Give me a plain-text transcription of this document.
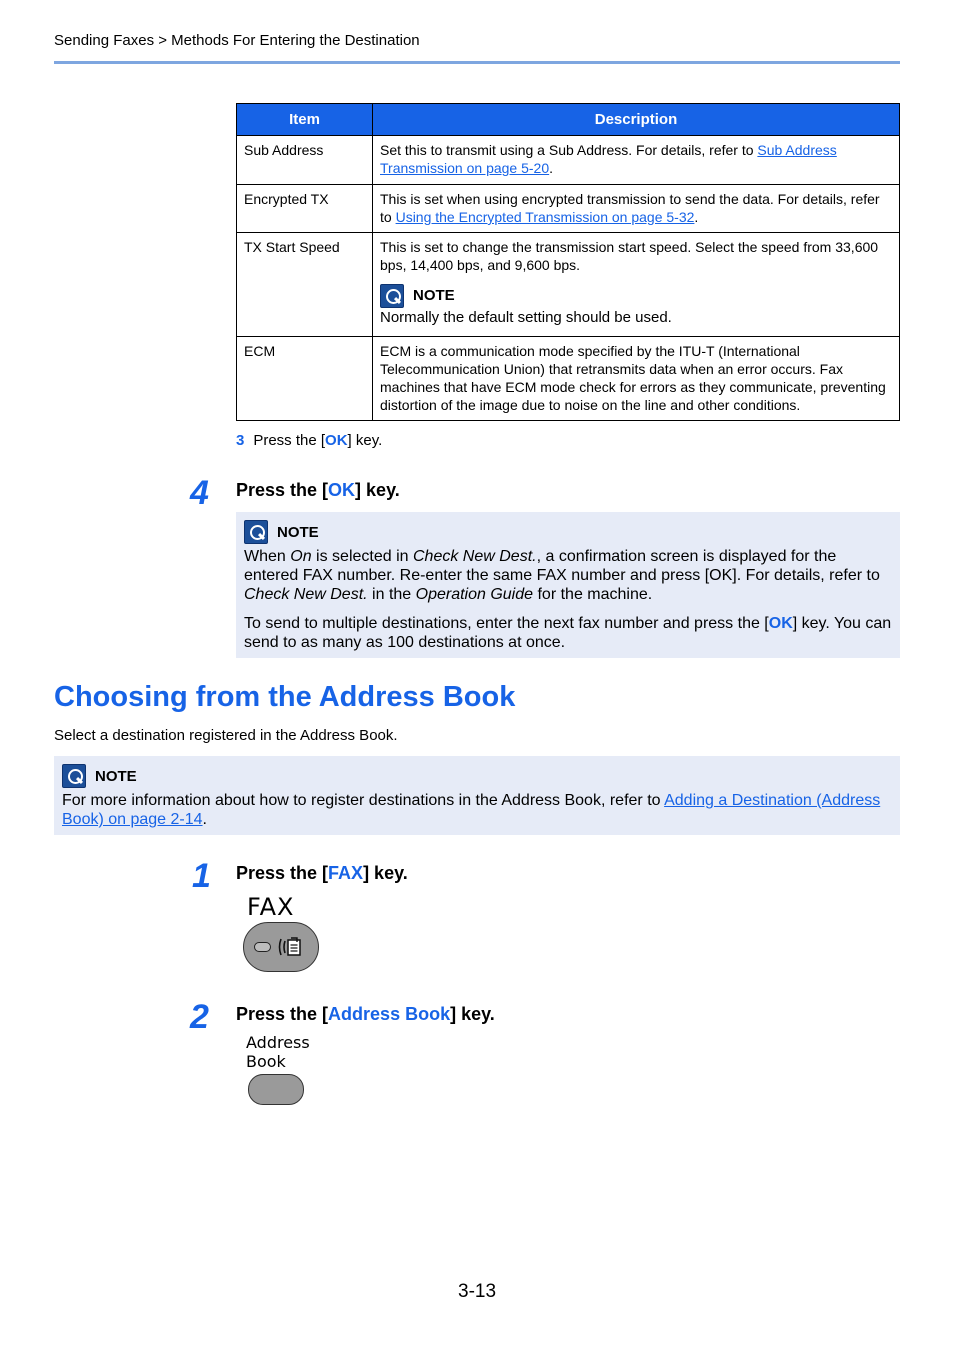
Sending Faxes > Methods For Entering the Destination
Item	Description
Sub Address	Set this to transmit using a Sub Address. For details, refer to Sub Address Transmission on page 5-20.
Encrypted TX	This is set when using encrypted transmission to send the data. For details, refer to Using the Encrypted Transmission on page 5-32.
TX Start Speed	This is set to change the transmission start speed. Select the speed from 33,600 bps, 14,400 bps, and 9,600 bps.
NOTE
Normally the default setting should be used.

ECM	ECM is a communication mode specified by the ITU-T (International Telecommunication Union) that retransmits data when an error occurs. Fax machines that have ECM mode check for errors as they communicate, preventing distortion of the image due to noise on the line and other conditions.
3 Press the [OK] key.
4 Press the [OK] key.
NOTE

When On is selected in Check New Dest., a confirmation screen is displayed for the entered FAX number. Re-enter the same FAX number and press [OK]. For details, refer to Check New Dest. in the Operation Guide for the machine.

To send to multiple destinations, enter the next fax number and press the [OK] key. You can send to as many as 100 destinations at once.

Choosing from the Address Book
Select a destination registered in the Address Book.
NOTE

For more information about how to register destinations in the Address Book, refer to Adding a Destination (Address Book) on page 2-14.

1 Press the [FAX] key.
FAX
2 Press the [Address Book] key.
Address
Book
3-13
